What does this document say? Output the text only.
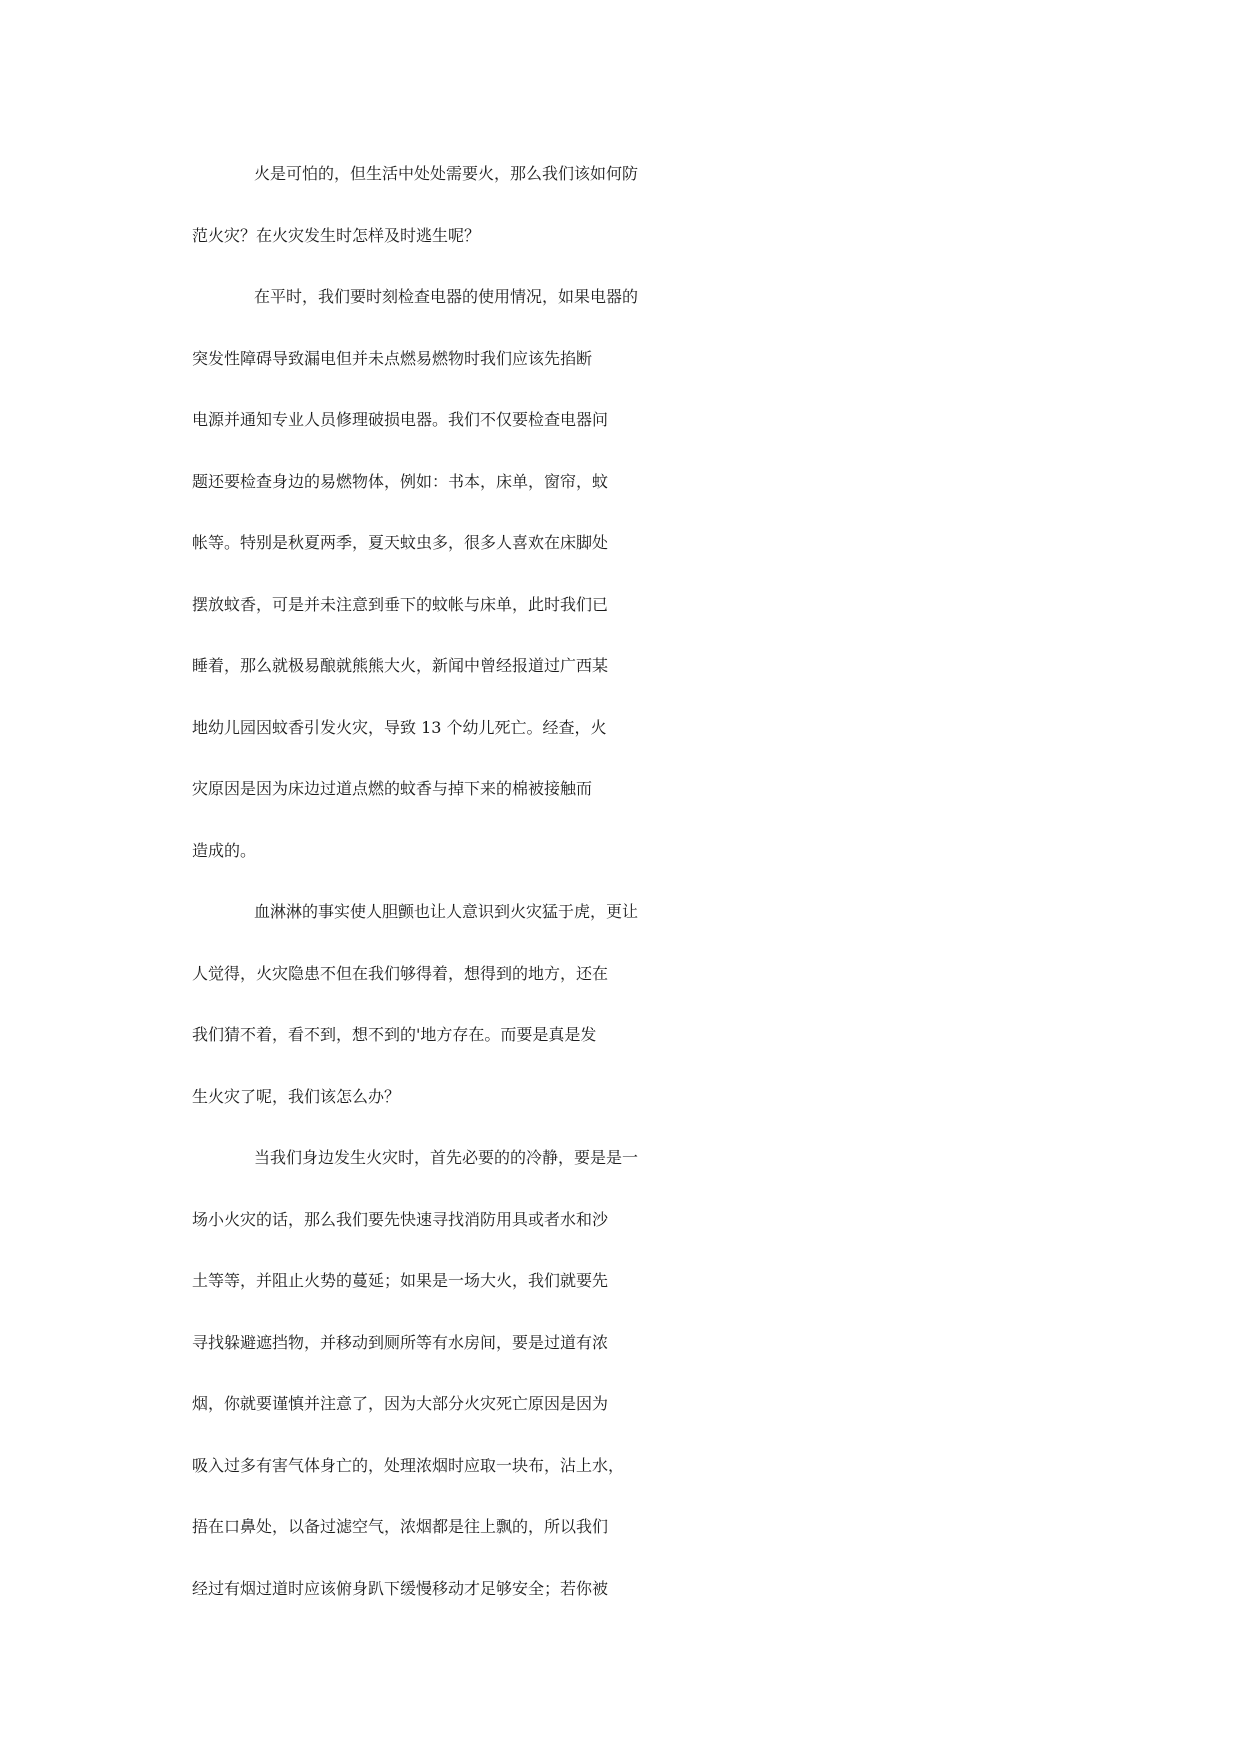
火是可怕的，但生活中处处需要火，那么我们该如何防
范火灾？在火灾发生时怎样及时逃生呢？
在平时，我们要时刻检查电器的使用情况，如果电器的
突发性障碍导致漏电但并未点燃易燃物时我们应该先掐断
电源并通知专业人员修理破损电器。我们不仅要检查电器问
题还要检查身边的易燃物体，例如：书本，床单，窗帘，蚊
帐等。特别是秋夏两季，夏天蚊虫多，很多人喜欢在床脚处
摆放蚊香，可是并未注意到垂下的蚊帐与床单，此时我们已
睡着，那么就极易酿就熊熊大火，新闻中曾经报道过广西某
地幼儿园因蚊香引发火灾，导致 13 个幼儿死亡。经查，火
灾原因是因为床边过道点燃的蚊香与掉下来的棉被接触而
造成的。
血淋淋的事实使人胆颤也让人意识到火灾猛于虎，更让
人觉得，火灾隐患不但在我们够得着，想得到的地方，还在
我们猜不着，看不到，想不到的'地方存在。而要是真是发
生火灾了呢，我们该怎么办？
当我们身边发生火灾时，首先必要的的冷静，要是是一
场小火灾的话，那么我们要先快速寻找消防用具或者水和沙
土等等，并阻止火势的蔓延；如果是一场大火，我们就要先
寻找躲避遮挡物，并移动到厕所等有水房间，要是过道有浓
烟，你就要谨慎并注意了，因为大部分火灾死亡原因是因为
吸入过多有害气体身亡的，处理浓烟时应取一块布，沾上水，
捂在口鼻处，以备过滤空气，浓烟都是往上飘的，所以我们
经过有烟过道时应该俯身趴下缓慢移动才足够安全；若你被
